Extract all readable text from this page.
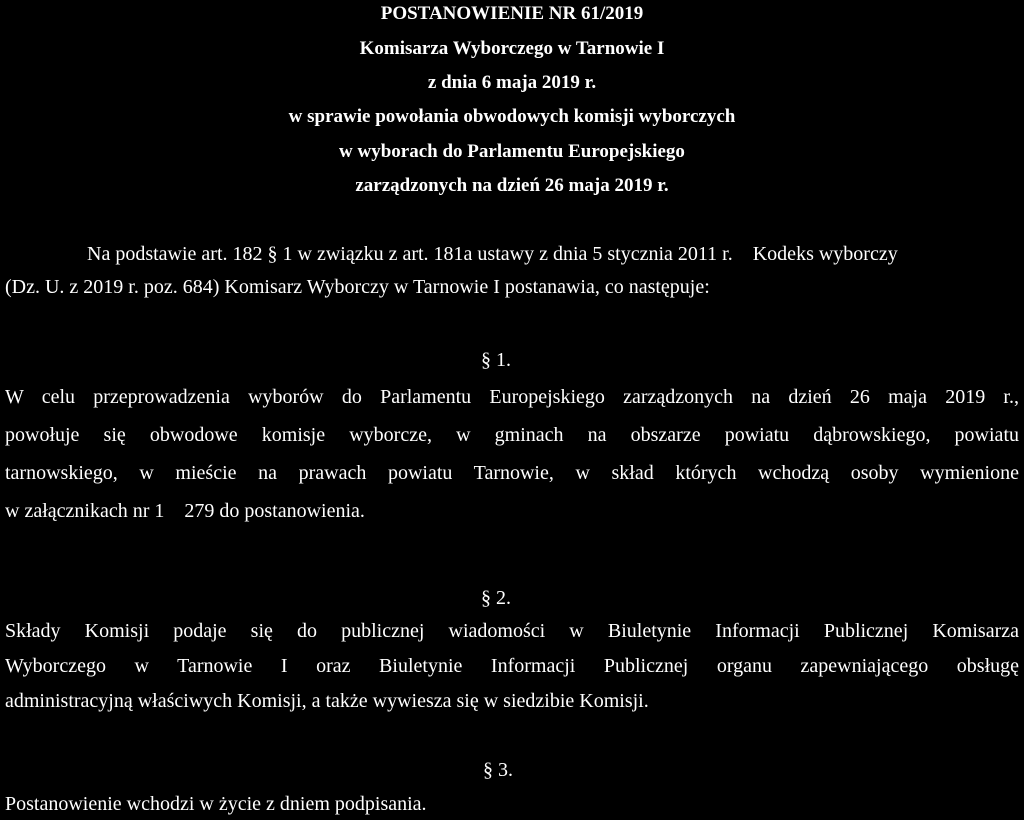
POSTANOWIENIE NR 61/2019
Komisarza Wyborczego w Tarnowie I
z dnia 6 maja 2019 r.
w sprawie powołania obwodowych komisji wyborczych
w wyborach do Parlamentu Europejskiego
zarządzonych na dzień 26 maja 2019 r.
Na podstawie art. 182 § 1 w związku z art. 181a ustawy z dnia 5 stycznia 2011 r.    Kodeks wyborczy
(Dz. U. z 2019 r. poz. 684) Komisarz Wyborczy w Tarnowie I postanawia, co następuje:
§ 1.
W celu przeprowadzenia wyborów do Parlamentu Europejskiego zarządzonych na dzień 26 maja 2019 r.,
powołuje się obwodowe komisje wyborcze, w gminach na obszarze powiatu dąbrowskiego, powiatu
tarnowskiego, w mieście na prawach powiatu Tarnowie, w skład których wchodzą osoby wymienione
w załącznikach nr 1    279 do postanowienia.
§ 2.
Składy Komisji podaje się do publicznej wiadomości w Biuletynie Informacji Publicznej Komisarza
Wyborczego w Tarnowie I oraz Biuletynie Informacji Publicznej organu zapewniającego obsługę
administracyjną właściwych Komisji, a także wywiesza się w siedzibie Komisji.
§ 3.
Postanowienie wchodzi w życie z dniem podpisania.
